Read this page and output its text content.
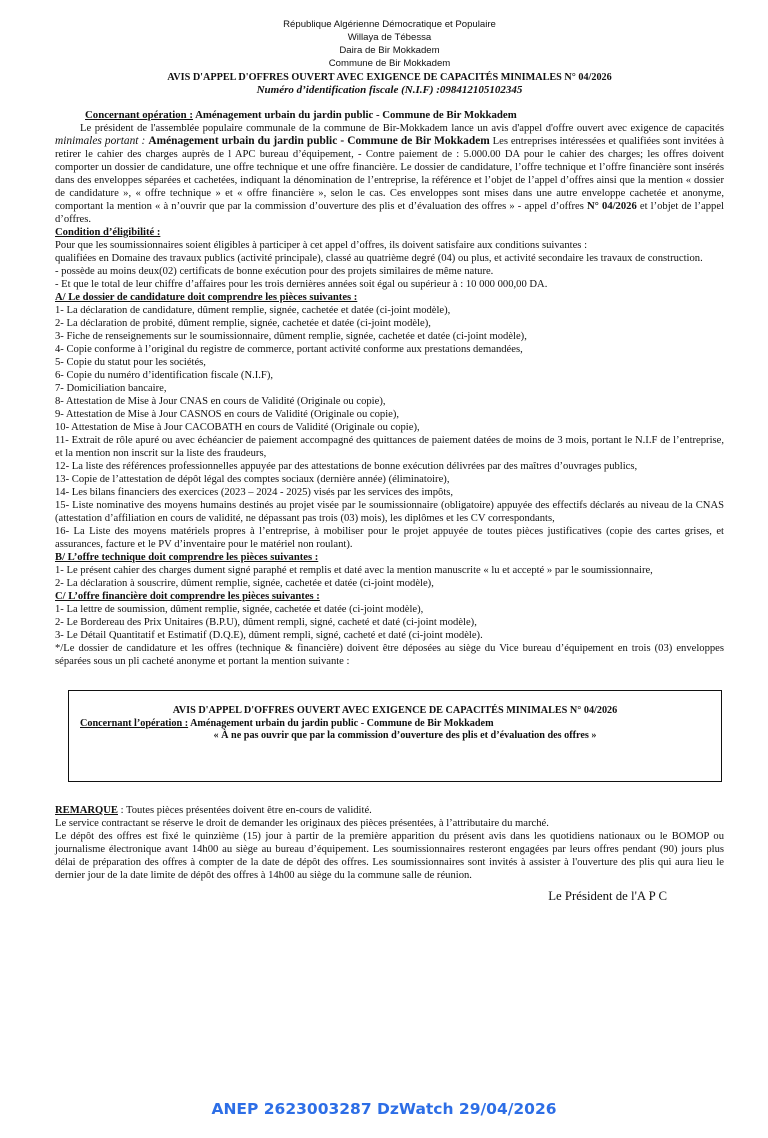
République Algérienne Démocratique et Populaire
Willaya de Tébessa
Daira de Bir Mokkadem
Commune de Bir Mokkadem
AVIS D'APPEL D'OFFRES OUVERT AVEC EXIGENCE DE CAPACITÉS MINIMALES N° 04/2026
Numéro d’identification fiscale (N.I.F) :098412105102345

Concernant opération : Aménagement urbain du jardin public - Commune de Bir Mokkadem

Le président de l'assemblée populaire communale de la commune de Bir-Mokkadem lance un avis d'appel d'offre ouvert avec exigence de capacités minimales portant : Aménagement urbain du jardin public - Commune de Bir Mokkadem Les entreprises intéressées et qualifiées sont invitées à retirer le cahier des charges auprès de l APC bureau d’équipement, - Contre paiement de : 5.000.00 DA pour le cahier des charges; les offres doivent comporter un dossier de candidature, une offre technique et une offre financière. Le dossier de candidature, l’offre technique et l’offre financière sont insérés dans des enveloppes séparées et cachetées, indiquant la dénomination de l’entreprise, la référence et l’objet de l’appel d’offres ainsi que la mention « dossier de candidature », « offre technique » et « offre financière », selon le cas. Ces enveloppes sont mises dans une autre enveloppe cachetée et anonyme, comportant la mention « à n’ouvrir que par la commission d’ouverture des plis et d’évaluation des offres » - appel d’offres N° 04/2026 et l’objet de l’appel d’offres.

Condition d’éligibilité :

Pour que les soumissionnaires soient éligibles à participer à cet appel d’offres, ils doivent satisfaire aux conditions suivantes :

qualifiées en Domaine des travaux publics (activité principale), classé au quatrième degré (04) ou plus, et activité secondaire les travaux de construction.

- possède au moins deux(02) certificats de bonne exécution pour des projets similaires de même nature.

- Et que le total de leur chiffre d’affaires pour les trois dernières années soit égal ou supérieur à : 10 000 000,00 DA.

A/ Le dossier de candidature doit comprendre les pièces suivantes :

1- La déclaration de candidature, dûment remplie, signée, cachetée et datée (ci-joint modèle),

2- La déclaration de probité, dûment remplie, signée, cachetée et datée (ci-joint modèle),

3- Fiche de renseignements sur le soumissionnaire, dûment remplie, signée, cachetée et datée (ci-joint modèle),

4- Copie conforme à l’original du registre de commerce, portant activité conforme aux prestations demandées,

5- Copie du statut pour les sociétés,

6- Copie du numéro d’identification fiscale (N.I.F),

7- Domiciliation bancaire,

8- Attestation de Mise à Jour CNAS en cours de Validité (Originale ou copie),

9- Attestation de Mise à Jour CASNOS en cours de Validité (Originale ou copie),

10- Attestation de Mise à Jour CACOBATH en cours de Validité (Originale ou copie),

11- Extrait de rôle apuré ou avec échéancier de paiement accompagné des quittances de paiement datées de moins de 3 mois, portant le N.I.F de l’entreprise, et la mention non inscrit sur la liste des fraudeurs,

12- La liste des références professionnelles appuyée par des attestations de bonne exécution délivrées par des maîtres d’ouvrages publics,

13- Copie de l’attestation de dépôt légal des comptes sociaux (dernière année) (éliminatoire),

14- Les bilans financiers des exercices (2023 – 2024 - 2025) visés par les services des impôts,

15- Liste nominative des moyens humains destinés au projet visée par le soumissionnaire (obligatoire) appuyée des effectifs déclarés au niveau de la CNAS (attestation d’affiliation en cours de validité, ne dépassant pas trois (03) mois), les diplômes et les CV correspondants,

16- La Liste des moyens matériels propres à l’entreprise, à mobiliser pour le projet appuyée de toutes pièces justificatives (copie des cartes grises, et assurances, facture et le PV d’inventaire pour le matériel non roulant).

B/ L’offre technique doit comprendre les pièces suivantes :

1- Le présent cahier des charges dument signé paraphé et remplis et daté avec la mention manuscrite « lu et accepté » par le soumissionnaire,

2- La déclaration à souscrire, dûment remplie, signée, cachetée et datée (ci-joint modèle),

C/ L’offre financière doit comprendre les pièces suivantes :

1- La lettre de soumission, dûment remplie, signée, cachetée et datée (ci-joint modèle),

2- Le Bordereau des Prix Unitaires (B.P.U), dûment rempli, signé, cacheté et daté (ci-joint modèle),

3- Le Détail Quantitatif et Estimatif (D.Q.E), dûment rempli, signé, cacheté et daté (ci-joint modèle).

*/Le dossier de candidature et les offres (technique & financière) doivent être déposées au siège du Vice bureau d’équipement en trois (03) enveloppes séparées sous un pli cacheté anonyme et portant la mention suivante :

AVIS D'APPEL D'OFFRES OUVERT AVEC EXIGENCE DE CAPACITÉS MINIMALES N° 04/2026
Concernant l’opération : Aménagement urbain du jardin public - Commune de Bir Mokkadem
« À ne pas ouvrir que par la commission d’ouverture des plis et d’évaluation des offres »

REMARQUE : Toutes pièces présentées doivent être en-cours de validité.

Le service contractant se réserve le droit de demander les originaux des pièces présentées, à l’attributaire du marché.

Le dépôt des offres est fixé le quinzième (15) jour à partir de la première apparition du présent avis dans les quotidiens nationaux ou le BOMOP ou journalisme électronique avant 14h00 au siège au bureau d’équipement. Les soumissionnaires resteront engagées par leurs offres pendant (90) jours plus délai de préparation des offres à compter de la date de dépôt des offres. Les soumissionnaires sont invités à assister à l'ouverture des plis qui aura lieu le dernier jour de la date limite de dépôt des offres à 14h00 au siège du la commune salle de réunion.

Le Président de l'A P C

ANEP 2623003287 DzWatch 29/04/2026
